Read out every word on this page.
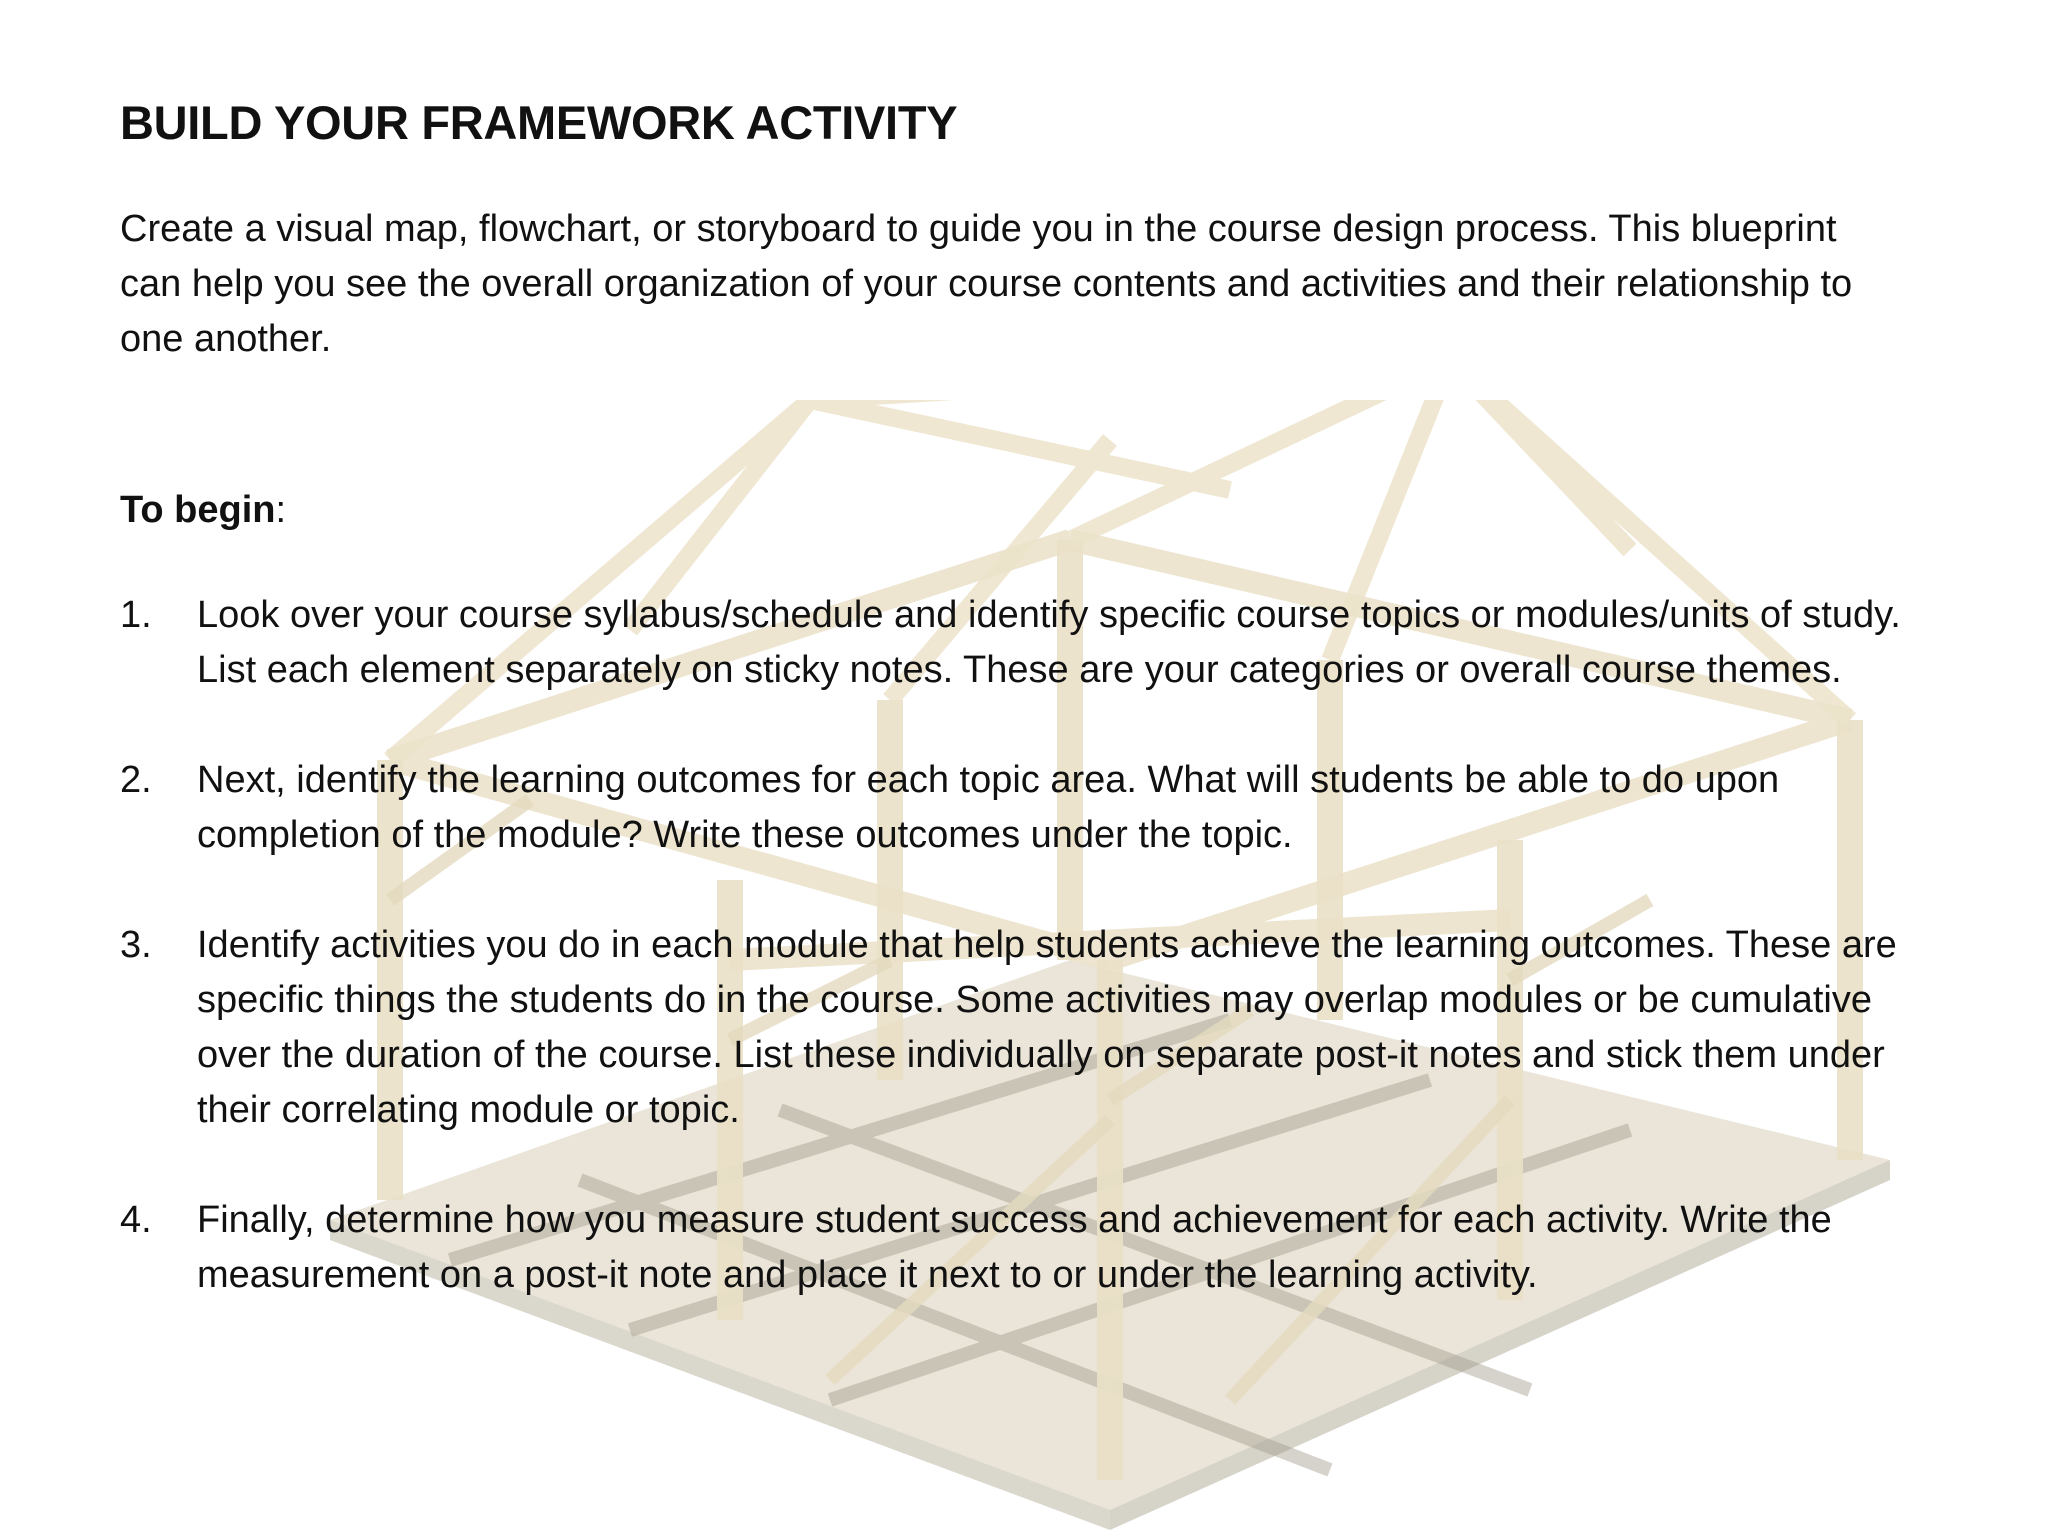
BUILD YOUR FRAMEWORK ACTIVITY

Create a visual map, flowchart, or storyboard to guide you in the course design process. This blueprint can help you see the overall organization of your course contents and activities and their relationship to one another.

To begin:

1.	Look over your course syllabus/schedule and identify specific course topics or modules/units of study. List each element separately on sticky notes. These are your categories or overall course themes.
2.	Next, identify the learning outcomes for each topic area. What will students be able to do upon completion of the module? Write these outcomes under the topic.
3.	Identify activities you do in each module that help students achieve the learning outcomes. These are specific things the students do in the course. Some activities may overlap modules or be cumulative over the duration of the course. List these individually on separate post-it notes and stick them under their correlating module or topic.
4.	Finally, determine how you measure student success and achievement for each activity. Write the measurement on a post-it note and place it next to or under the learning activity.
